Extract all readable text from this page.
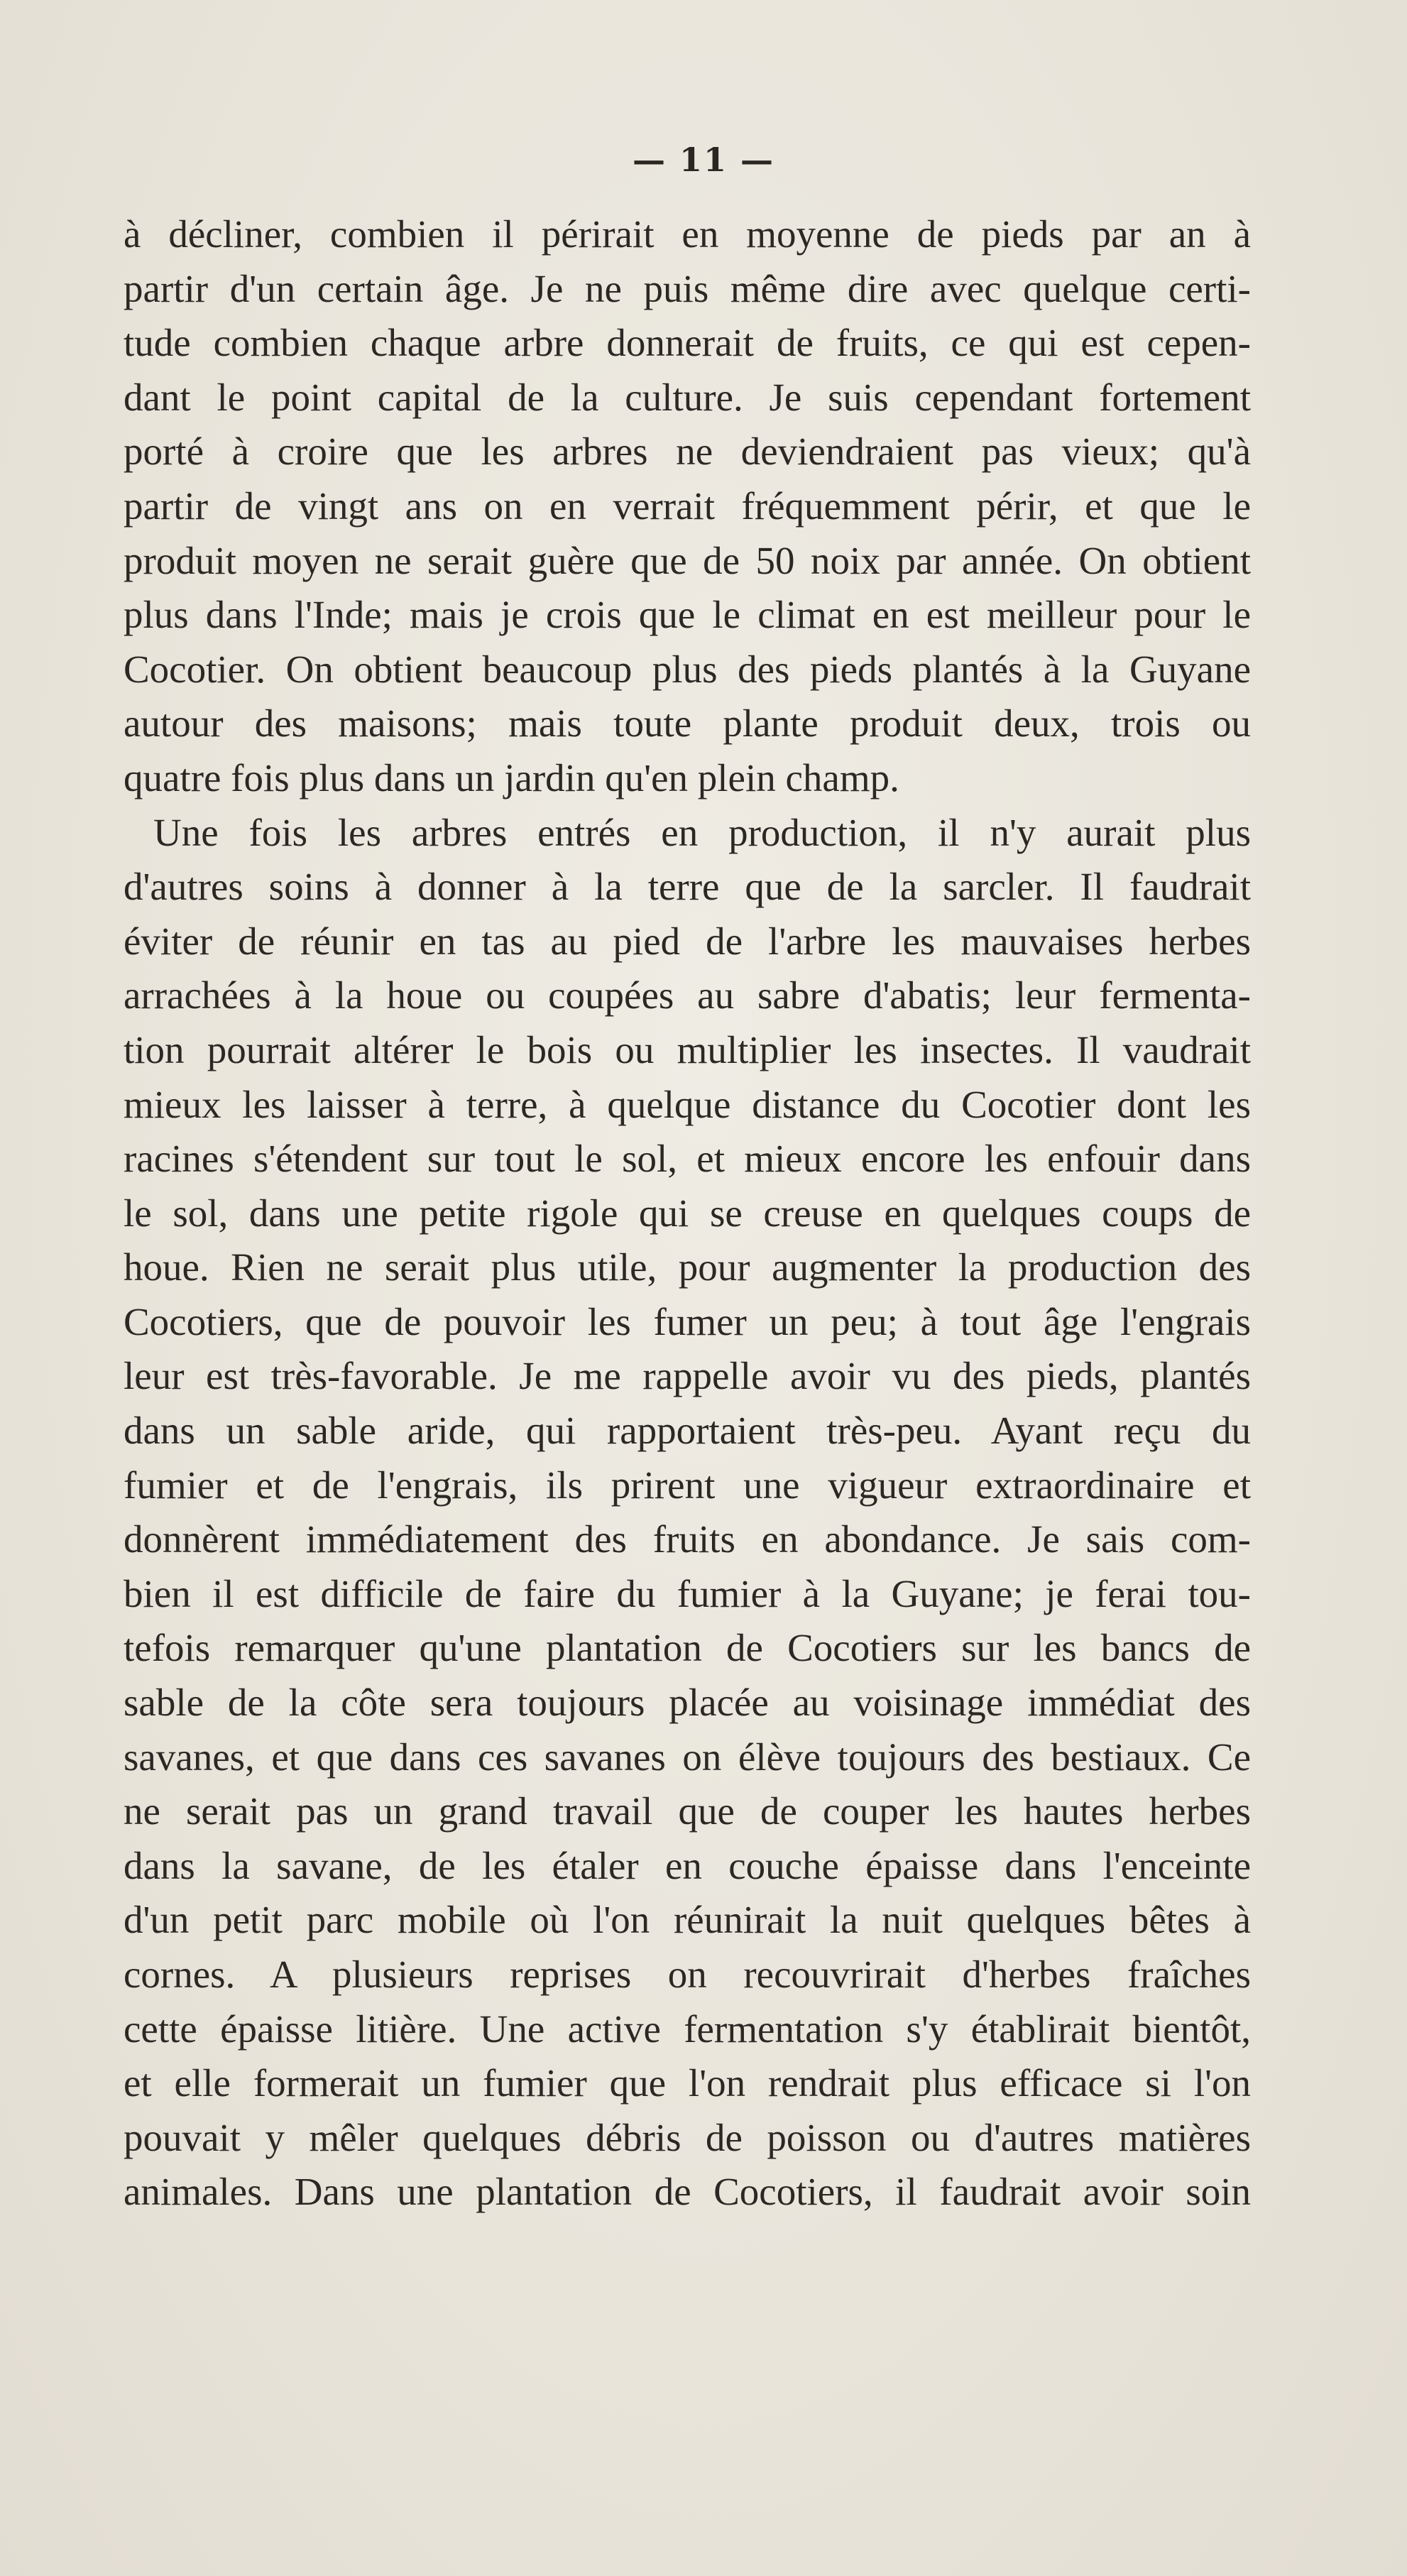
— 11 —
à décliner, combien il périrait en moyenne de pieds par an à
partir d'un certain âge. Je ne puis même dire avec quelque certi-
tude combien chaque arbre donnerait de fruits, ce qui est cepen-
dant le point capital de la culture. Je suis cependant fortement
porté à croire que les arbres ne deviendraient pas vieux; qu'à
partir de vingt ans on en verrait fréquemment périr, et que le
produit moyen ne serait guère que de 50 noix par année. On obtient
plus dans l'Inde; mais je crois que le climat en est meilleur pour le
Cocotier. On obtient beaucoup plus des pieds plantés à la Guyane
autour des maisons; mais toute plante produit deux, trois ou
quatre fois plus dans un jardin qu'en plein champ.
Une fois les arbres entrés en production, il n'y aurait plus
d'autres soins à donner à la terre que de la sarcler. Il faudrait
éviter de réunir en tas au pied de l'arbre les mauvaises herbes
arrachées à la houe ou coupées au sabre d'abatis; leur fermenta-
tion pourrait altérer le bois ou multiplier les insectes. Il vaudrait
mieux les laisser à terre, à quelque distance du Cocotier dont les
racines s'étendent sur tout le sol, et mieux encore les enfouir dans
le sol, dans une petite rigole qui se creuse en quelques coups de
houe. Rien ne serait plus utile, pour augmenter la production des
Cocotiers, que de pouvoir les fumer un peu; à tout âge l'engrais
leur est très-favorable. Je me rappelle avoir vu des pieds, plantés
dans un sable aride, qui rapportaient très-peu. Ayant reçu du
fumier et de l'engrais, ils prirent une vigueur extraordinaire et
donnèrent immédiatement des fruits en abondance. Je sais com-
bien il est difficile de faire du fumier à la Guyane; je ferai tou-
tefois remarquer qu'une plantation de Cocotiers sur les bancs de
sable de la côte sera toujours placée au voisinage immédiat des
savanes, et que dans ces savanes on élève toujours des bestiaux. Ce
ne serait pas un grand travail que de couper les hautes herbes
dans la savane, de les étaler en couche épaisse dans l'enceinte
d'un petit parc mobile où l'on réunirait la nuit quelques bêtes à
cornes. A plusieurs reprises on recouvrirait d'herbes fraîches
cette épaisse litière. Une active fermentation s'y établirait bientôt,
et elle formerait un fumier que l'on rendrait plus efficace si l'on
pouvait y mêler quelques débris de poisson ou d'autres matières
animales. Dans une plantation de Cocotiers, il faudrait avoir soin
